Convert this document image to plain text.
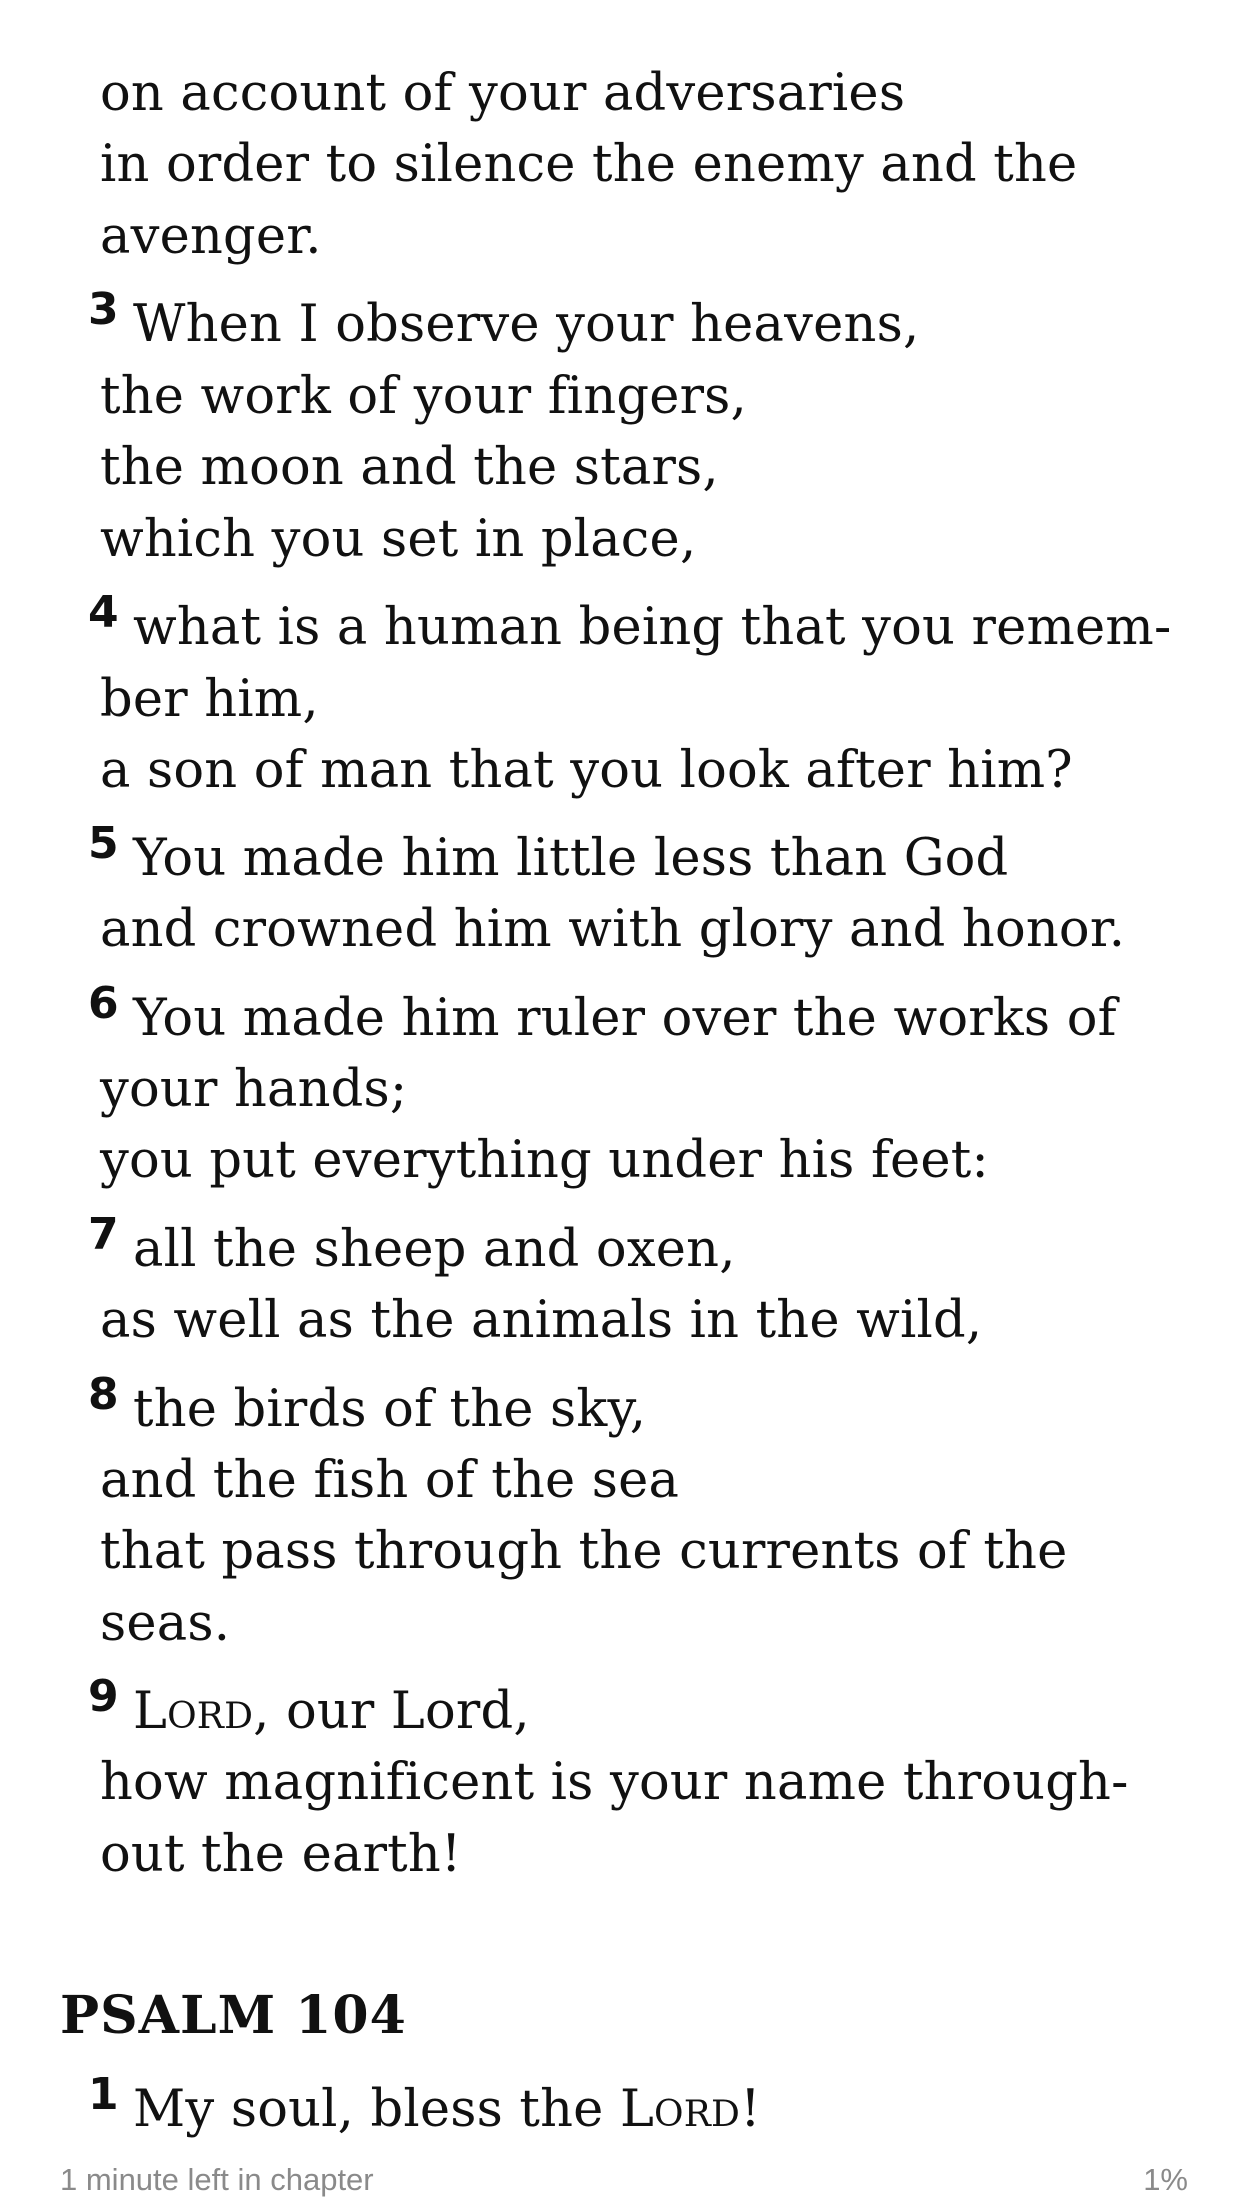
on account of your adversaries
in order to silence the enemy and the
avenger.
When I observe your heavens,
3
the work of your fingers,
the moon and the stars,
which you set in place,
what is a human being that you remem-
4
ber him,
a son of man that you look after him?
You made him little less than God
5
and crowned him with glory and honor.
You made him ruler over the works of
6
your hands;
you put everything under his feet:
all the sheep and oxen,
7
as well as the animals in the wild,
the birds of the sky,
8
and the fish of the sea
that pass through the currents of the
seas.
Lord, our Lord,
9
how magnificent is your name through-
out the earth!
PSALM 104
1 My soul, bless the Lord!
1 minute left in chapter	1%
